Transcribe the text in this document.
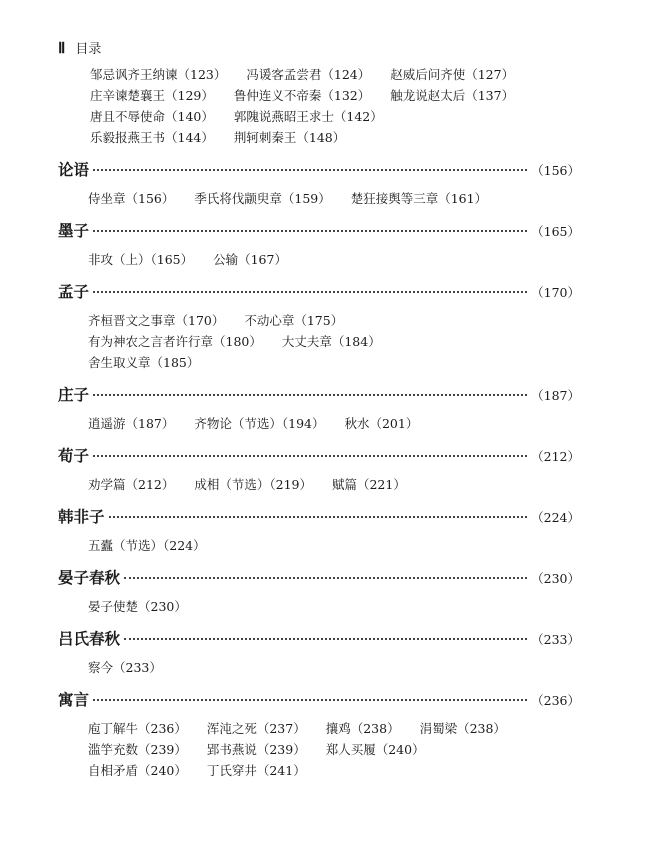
Ⅱ 目录
邹忌讽齐王纳谏（123） 冯谖客孟尝君（124） 赵威后问齐使（127）
庄辛谏楚襄王（129） 鲁仲连义不帝秦（132） 触龙说赵太后（137）
唐且不辱使命（140） 郭隗说燕昭王求士（142）
乐毅报燕王书（144） 荆轲刺秦王（148）
论语	（156）
侍坐章（156） 季氏将伐颛臾章（159） 楚狂接舆等三章（161）
墨子	（165）
非攻（上）（165） 公输（167）
孟子	（170）
齐桓晋文之事章（170） 不动心章（175）
有为神农之言者许行章（180） 大丈夫章（184）
舍生取义章（185）
庄子	（187）
逍遥游（187） 齐物论（节选）（194） 秋水（201）
荀子	（212）
劝学篇（212） 成相（节选）（219） 赋篇（221）
韩非子	（224）
五蠹（节选）（224）
晏子春秋	（230）
晏子使楚（230）
吕氏春秋	（233）
察今（233）
寓言	（236）
庖丁解牛（236） 浑沌之死（237） 攘鸡（238） 涓蜀梁（238）
滥竽充数（239） 郢书燕说（239） 郑人买履（240）
自相矛盾（240） 丁氏穿井（241）
